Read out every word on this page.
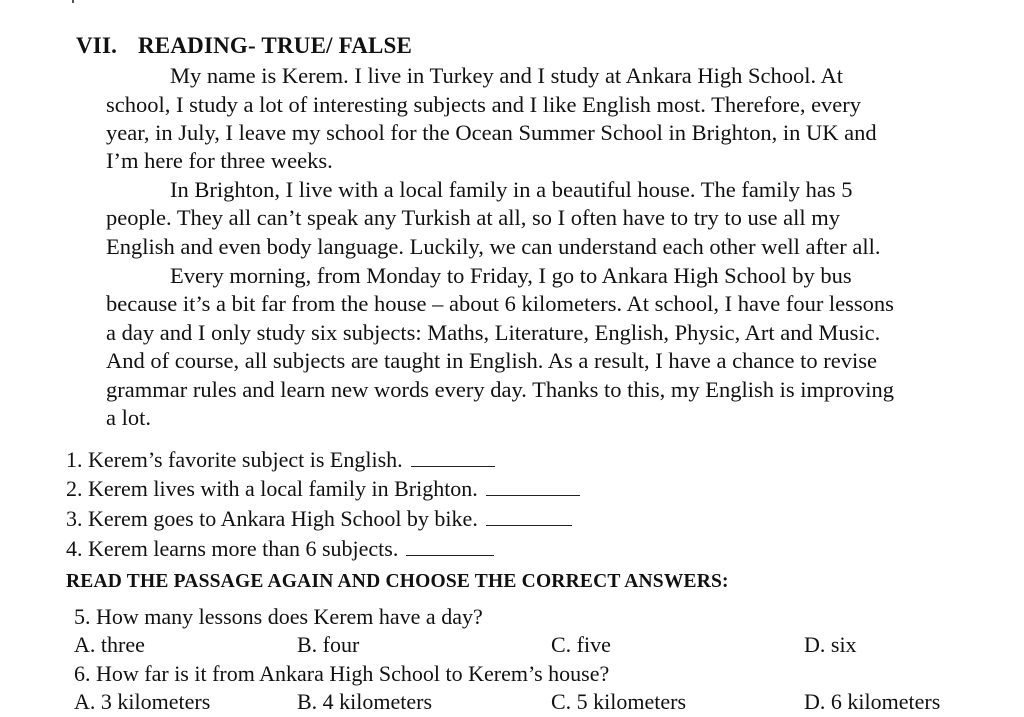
VII. READING- TRUE/ FALSE
My name is Kerem. I live in Turkey and I study at Ankara High School. At
school, I study a lot of interesting subjects and I like English most. Therefore, every
year, in July, I leave my school for the Ocean Summer School in Brighton, in UK and
I’m here for three weeks.
In Brighton, I live with a local family in a beautiful house. The family has 5
people. They all can’t speak any Turkish at all, so I often have to try to use all my
English and even body language. Luckily, we can understand each other well after all.
Every morning, from Monday to Friday, I go to Ankara High School by bus
because it’s a bit far from the house – about 6 kilometers. At school, I have four lessons
a day and I only study six subjects: Maths, Literature, English, Physic, Art and Music.
And of course, all subjects are taught in English. As a result, I have a chance to revise
grammar rules and learn new words every day. Thanks to this, my English is improving
a lot.
1. Kerem’s favorite subject is English.
2. Kerem lives with a local family in Brighton.
3. Kerem goes to Ankara High School by bike.
4. Kerem learns more than 6 subjects.
READ THE PASSAGE AGAIN AND CHOOSE THE CORRECT ANSWERS:
5. How many lessons does Kerem have a day?
A. three	B. four	C. five	D. six
6. How far is it from Ankara High School to Kerem’s house?
A. 3 kilometers	B. 4 kilometers	C. 5 kilometers	D. 6 kilometers
